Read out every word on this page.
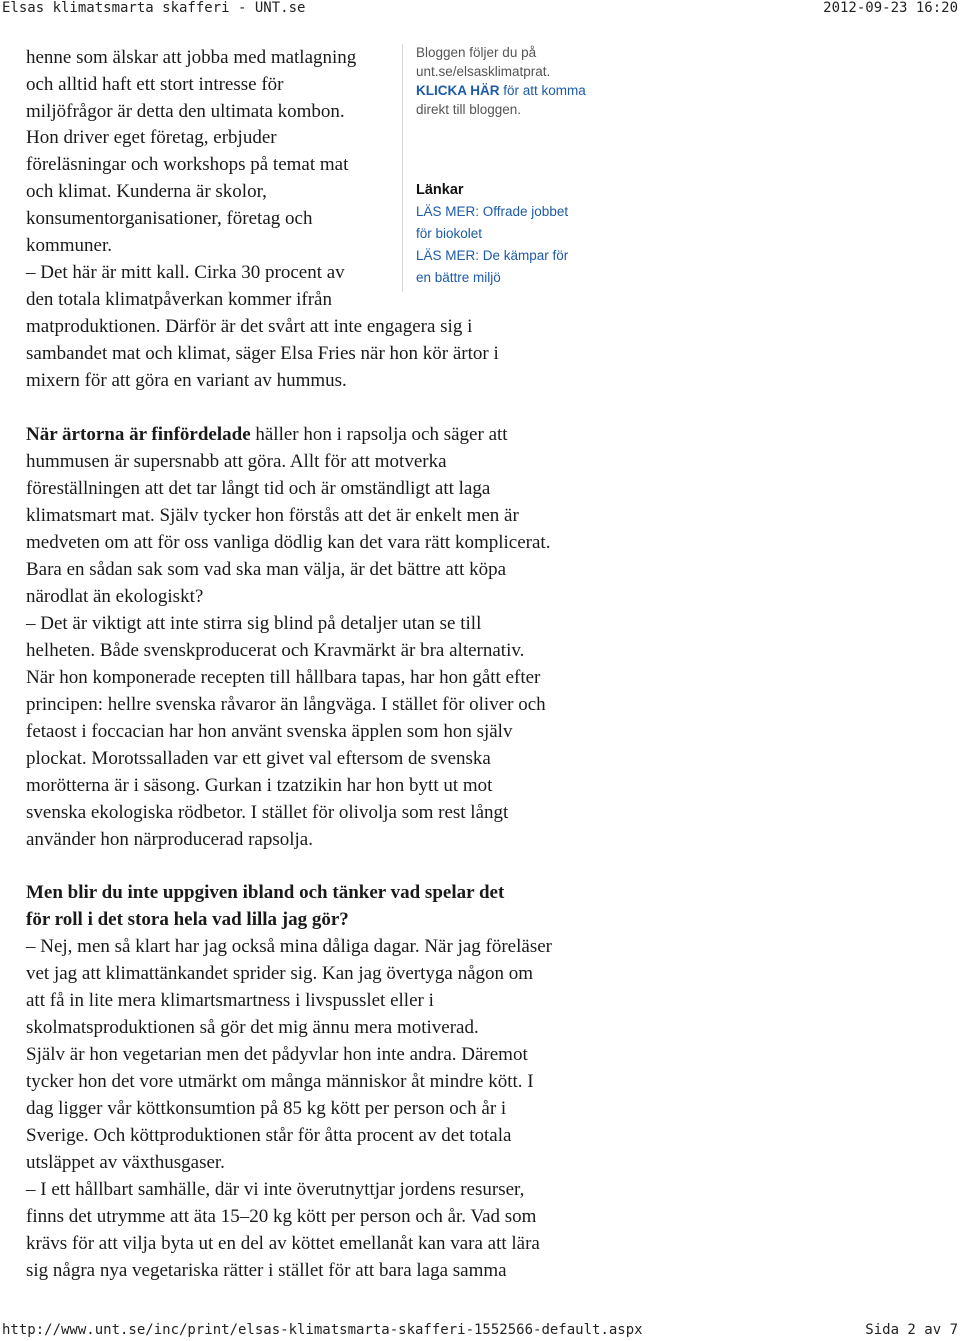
Elsas klimatsmarta skafferi - UNT.se	2012-09-23 16:20
Bloggen följer du på
unt.se/elsasklimatprat.
KLICKA HÄR för att komma
direkt till bloggen.
Länkar
LÄS MER: Offrade jobbet
för biokolet
LÄS MER: De kämpar för
en bättre miljö
henne som älskar att jobba med matlagning
och alltid haft ett stort intresse för
miljöfrågor är detta den ultimata kombon.
Hon driver eget företag, erbjuder
föreläsningar och workshops på temat mat
och klimat. Kunderna är skolor,
konsumentorganisationer, företag och
kommuner.
– Det här är mitt kall. Cirka 30 procent av
den totala klimatpåverkan kommer ifrån
matproduktionen. Därför är det svårt att inte engagera sig i
sambandet mat och klimat, säger Elsa Fries när hon kör ärtor i
mixern för att göra en variant av hummus.
När ärtorna är finfördelade häller hon i rapsolja och säger att
hummusen är supersnabb att göra. Allt för att motverka
föreställningen att det tar långt tid och är omständligt att laga
klimatsmart mat. Själv tycker hon förstås att det är enkelt men är
medveten om att för oss vanliga dödlig kan det vara rätt komplicerat.
Bara en sådan sak som vad ska man välja, är det bättre att köpa
närodlat än ekologiskt?
– Det är viktigt att inte stirra sig blind på detaljer utan se till
helheten. Både svenskproducerat och Kravmärkt är bra alternativ.
När hon komponerade recepten till hållbara tapas, har hon gått efter
principen: hellre svenska råvaror än långväga. I stället för oliver och
fetaost i foccacian har hon använt svenska äpplen som hon själv
plockat. Morotssalladen var ett givet val eftersom de svenska
morötterna är i säsong. Gurkan i tzatzikin har hon bytt ut mot
svenska ekologiska rödbetor. I stället för olivolja som rest långt
använder hon närproducerad rapsolja.
Men blir du inte uppgiven ibland och tänker vad spelar det
för roll i det stora hela vad lilla jag gör?
– Nej, men så klart har jag också mina dåliga dagar. När jag föreläser
vet jag att klimattänkandet sprider sig. Kan jag övertyga någon om
att få in lite mera klimartsmartness i livspusslet eller i
skolmatsproduktionen så gör det mig ännu mera motiverad.
Själv är hon vegetarian men det pådyvlar hon inte andra. Däremot
tycker hon det vore utmärkt om många människor åt mindre kött. I
dag ligger vår köttkonsumtion på 85 kg kött per person och år i
Sverige. Och köttproduktionen står för åtta procent av det totala
utsläppet av växthusgaser.
– I ett hållbart samhälle, där vi inte överutnyttjar jordens resurser,
finns det utrymme att äta 15–20 kg kött per person och år. Vad som
krävs för att vilja byta ut en del av köttet emellanåt kan vara att lära
sig några nya vegetariska rätter i stället för att bara laga samma
http://www.unt.se/inc/print/elsas-klimatsmarta-skafferi-1552566-default.aspx	Sida 2 av 7
